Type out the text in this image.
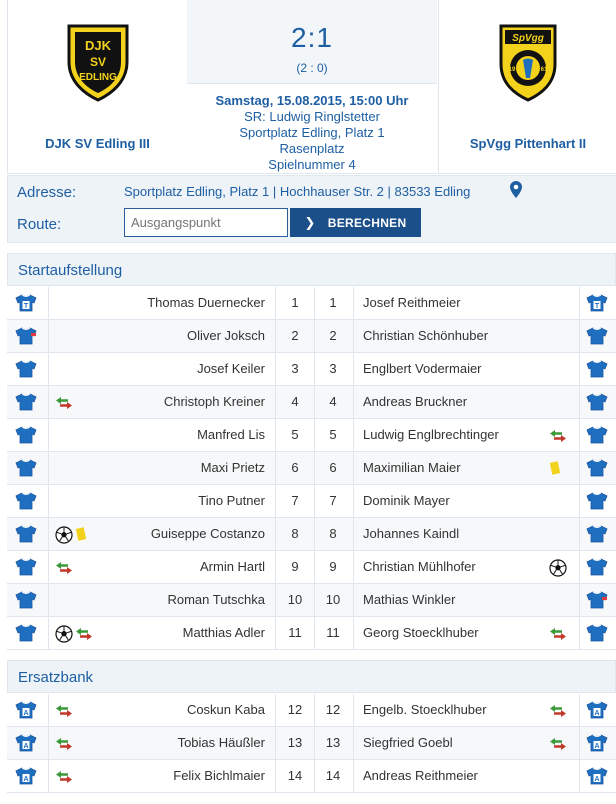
DJK
SV
EDLING
DJK SV Edling III
2:1
(2 : 0)
Samstag, 15.08.2015, 15:00 Uhr
SR: Ludwig Ringlstetter
Sportplatz Edling, Platz 1
Rasenplatz
Spielnummer 4
SpVgg
19	61
SpVgg Pittenhart II
Adresse:	Sportplatz Edling, Platz 1 | Hochhauser Str. 2 | 83533 Edling
Route:
Ausgangspunkt	❯ BERECHNEN
Startaufstellung
T	Thomas Duernecker	1	1	Josef Reithmeier	T
Oliver Joksch	2	2	Christian Schönhuber
Josef Keiler	3	3	Englbert Vodermaier
Christoph Kreiner	4	4	Andreas Bruckner
Manfred Lis	5	5	Ludwig Englbrechtinger
Maxi Prietz	6	6	Maximilian Maier
Tino Putner	7	7	Dominik Mayer
Guiseppe Costanzo	8	8	Johannes Kaindl
Armin Hartl	9	9	Christian Mühlhofer
Roman Tutschka	10	10	Mathias Winkler
Matthias Adler	11	11	Georg Stoecklhuber
Ersatzbank
A	Coskun Kaba	12	12	Engelb. Stoecklhuber	A
A	Tobias Häußler	13	13	Siegfried Goebl	A
A	Felix Bichlmaier	14	14	Andreas Reithmeier	A
